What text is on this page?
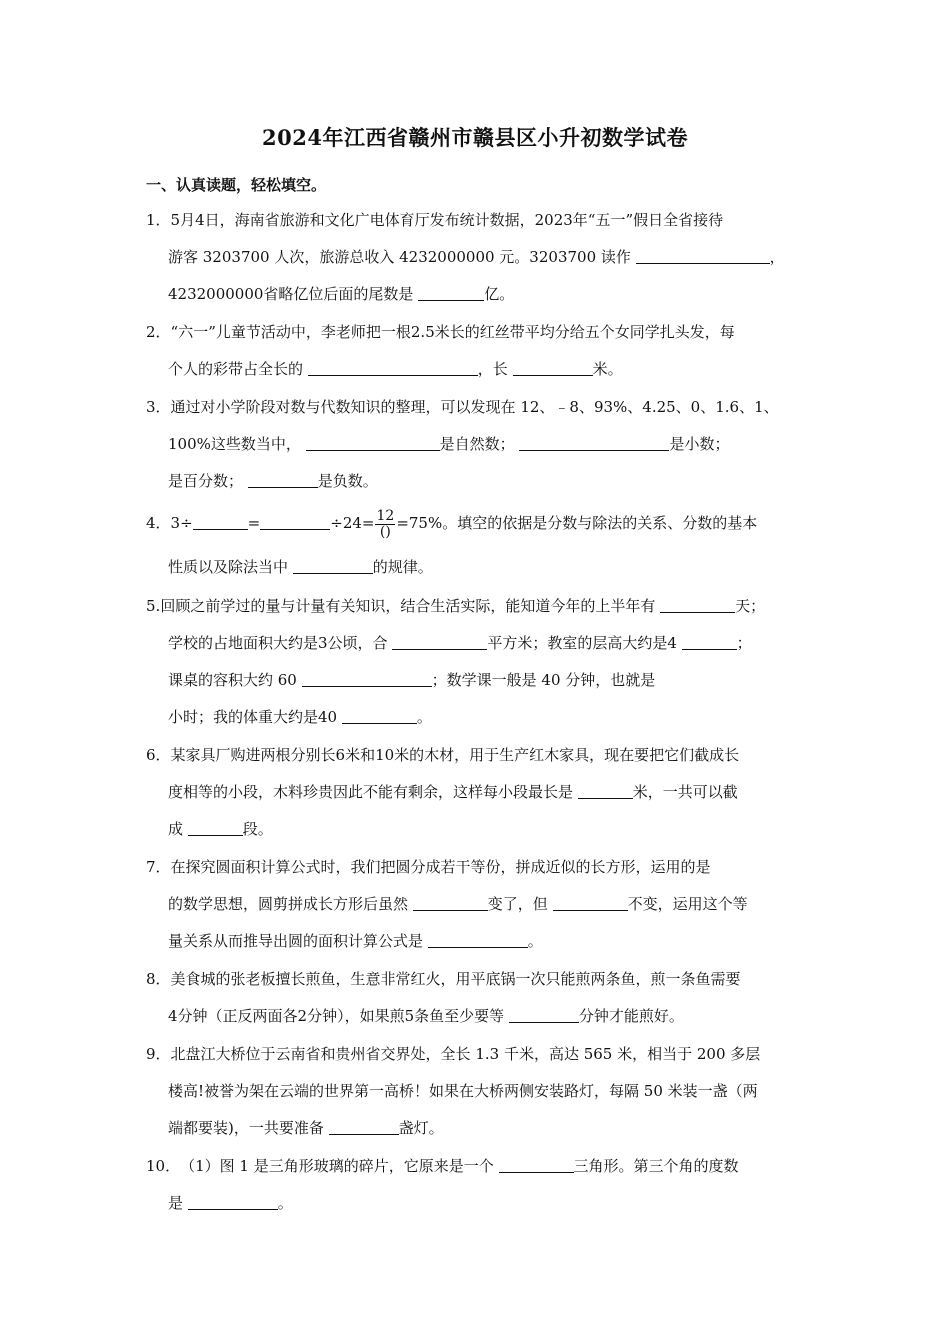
2024年江西省赣州市赣县区小升初数学试卷
一、认真读题，轻松填空。
1．5月4日，海南省旅游和文化广电体育厅发布统计数据，2023年“五一”假日全省接待
游客 3203700 人次，旅游总收入 4232000000 元。3203700 读作	，
4232000000省略亿位后面的尾数是	亿。
2．“六一”儿童节活动中，李老师把一根2.5米长的红丝带平均分给五个女同学扎头发，每
个人的彩带占全长的	，长	米。
3．通过对小学阶段对数与代数知识的整理，可以发现在 12、﹣8、93%、4.25、0、1.6、1、
100%这些数当中，	是自然数；	是小数；
是百分数；	是负数。
4．3÷	=	$\div 24= \frac{12}{()} =75\%$。填空的依据是分数与除法的关系、分数的基本
性质以及除法当中	的规律。
5.回顾之前学过的量与计量有关知识，结合生活实际，能知道今年的上半年有	天；
学校的占地面积大约是3公顷，合	平方米；教室的层高大约是4	；
课桌的容积大约 60	；数学课一般是 40 分钟，也就是
小时；我的体重大约是40	。
6．某家具厂购进两根分别长6米和10米的木材，用于生产红木家具，现在要把它们截成长
度相等的小段，木料珍贵因此不能有剩余，这样每小段最长是	米，一共可以截
成	段。
7．在探究圆面积计算公式时，我们把圆分成若干等份，拼成近似的长方形，运用的是
的数学思想，圆剪拼成长方形后虽然	变了，但	不变，运用这个等
量关系从而推导出圆的面积计算公式是	。
8．美食城的张老板擅长煎鱼，生意非常红火，用平底锅一次只能煎两条鱼，煎一条鱼需要
4分钟（正反两面各2分钟），如果煎5条鱼至少要等	分钟才能煎好。
9．北盘江大桥位于云南省和贵州省交界处，全长 1.3 千米，高达 565 米，相当于 200 多层
楼高!被誉为架在云端的世界第一高桥！如果在大桥两侧安装路灯，每隔 50 米装一盏（两
端都要装)，一共要准备	盏灯。
10．（1）图 1 是三角形玻璃的碎片，它原来是一个	三角形。第三个角的度数
是	。
